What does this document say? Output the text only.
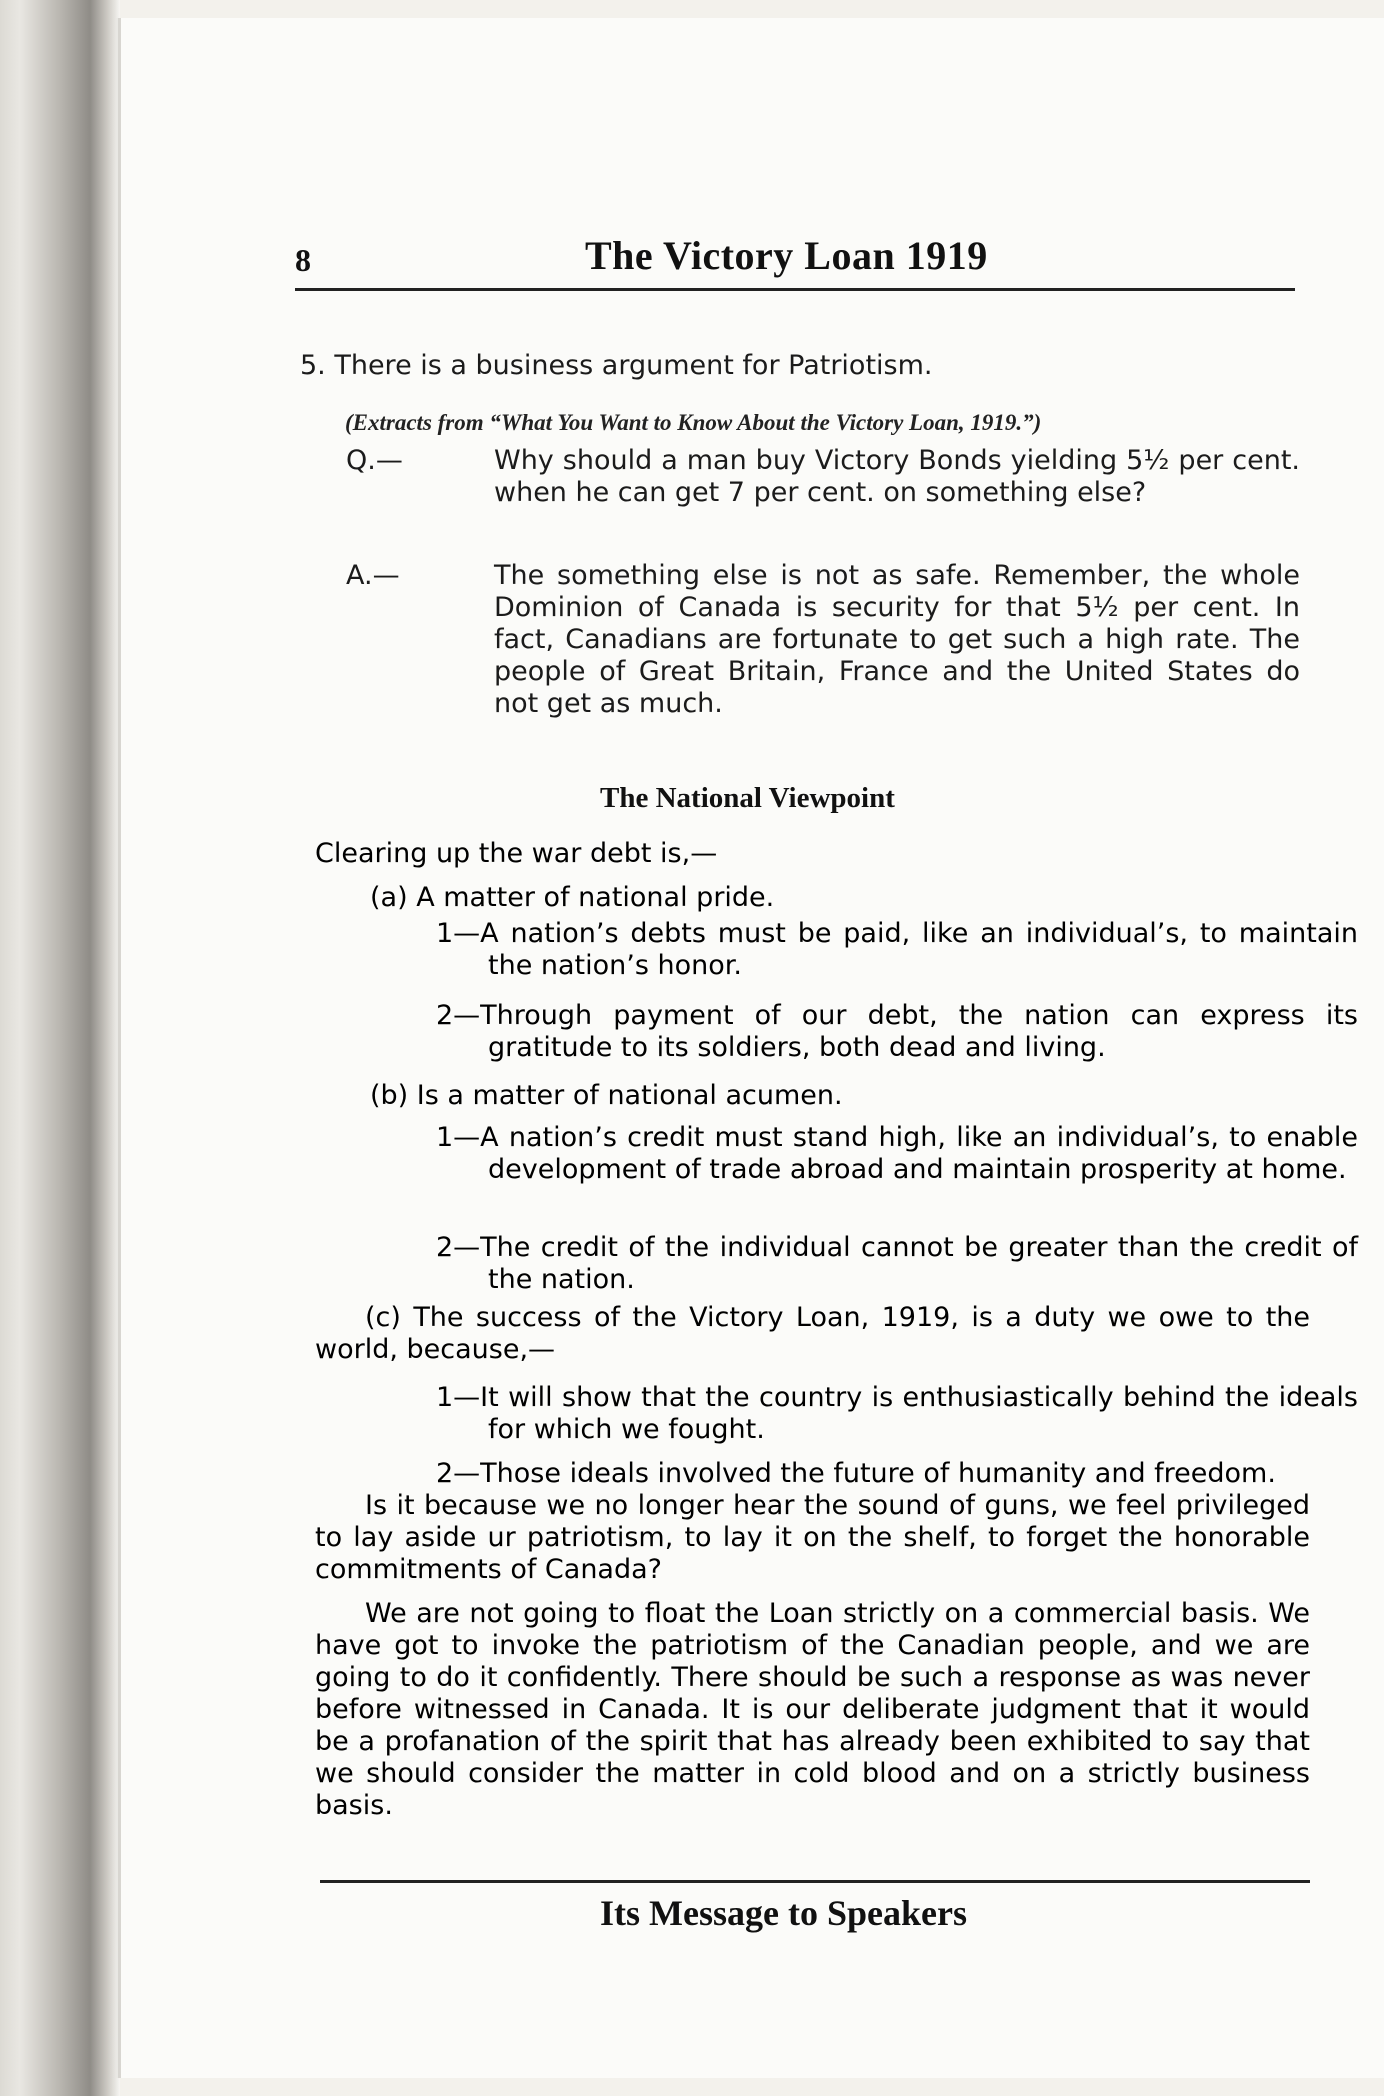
8	The Victory Loan 1919
5. There is a business argument for Patriotism.
(Extracts from “What You Want to Know About the Victory Loan, 1919.”)
Q.—	Why should a man buy Victory Bonds yielding 5½ per cent. when he can get 7 per cent. on something else?
A.—	The something else is not as safe. Remember, the whole Dominion of Canada is security for that 5½ per cent. In fact, Canadians are fortunate to get such a high rate. The people of Great Britain, France and the United States do not get as much.
The National Viewpoint
Clearing up the war debt is,—
(a) A matter of national pride.
1—A nation’s debts must be paid, like an individual’s, to maintain the nation’s honor.
2—Through payment of our debt, the nation can express its gratitude to its soldiers, both dead and living.
(b) Is a matter of national acumen.
1—A nation’s credit must stand high, like an individual’s, to enable development of trade abroad and maintain prosperity at home.
2—The credit of the individual cannot be greater than the credit of the nation.
(c) The success of the Victory Loan, 1919, is a duty we owe to the world, because,—
1—It will show that the country is enthusiastically behind the ideals for which we fought.
2—Those ideals involved the future of humanity and freedom.
Is it because we no longer hear the sound of guns, we feel privileged to lay aside ur patriotism, to lay it on the shelf, to forget the honorable commitments of Canada?
We are not going to float the Loan strictly on a commercial basis. We have got to invoke the patriotism of the Canadian people, and we are going to do it confidently. There should be such a response as was never before witnessed in Canada. It is our deliberate judgment that it would be a profanation of the spirit that has already been exhibited to say that we should consider the matter in cold blood and on a strictly business basis.
Its Message to Speakers
